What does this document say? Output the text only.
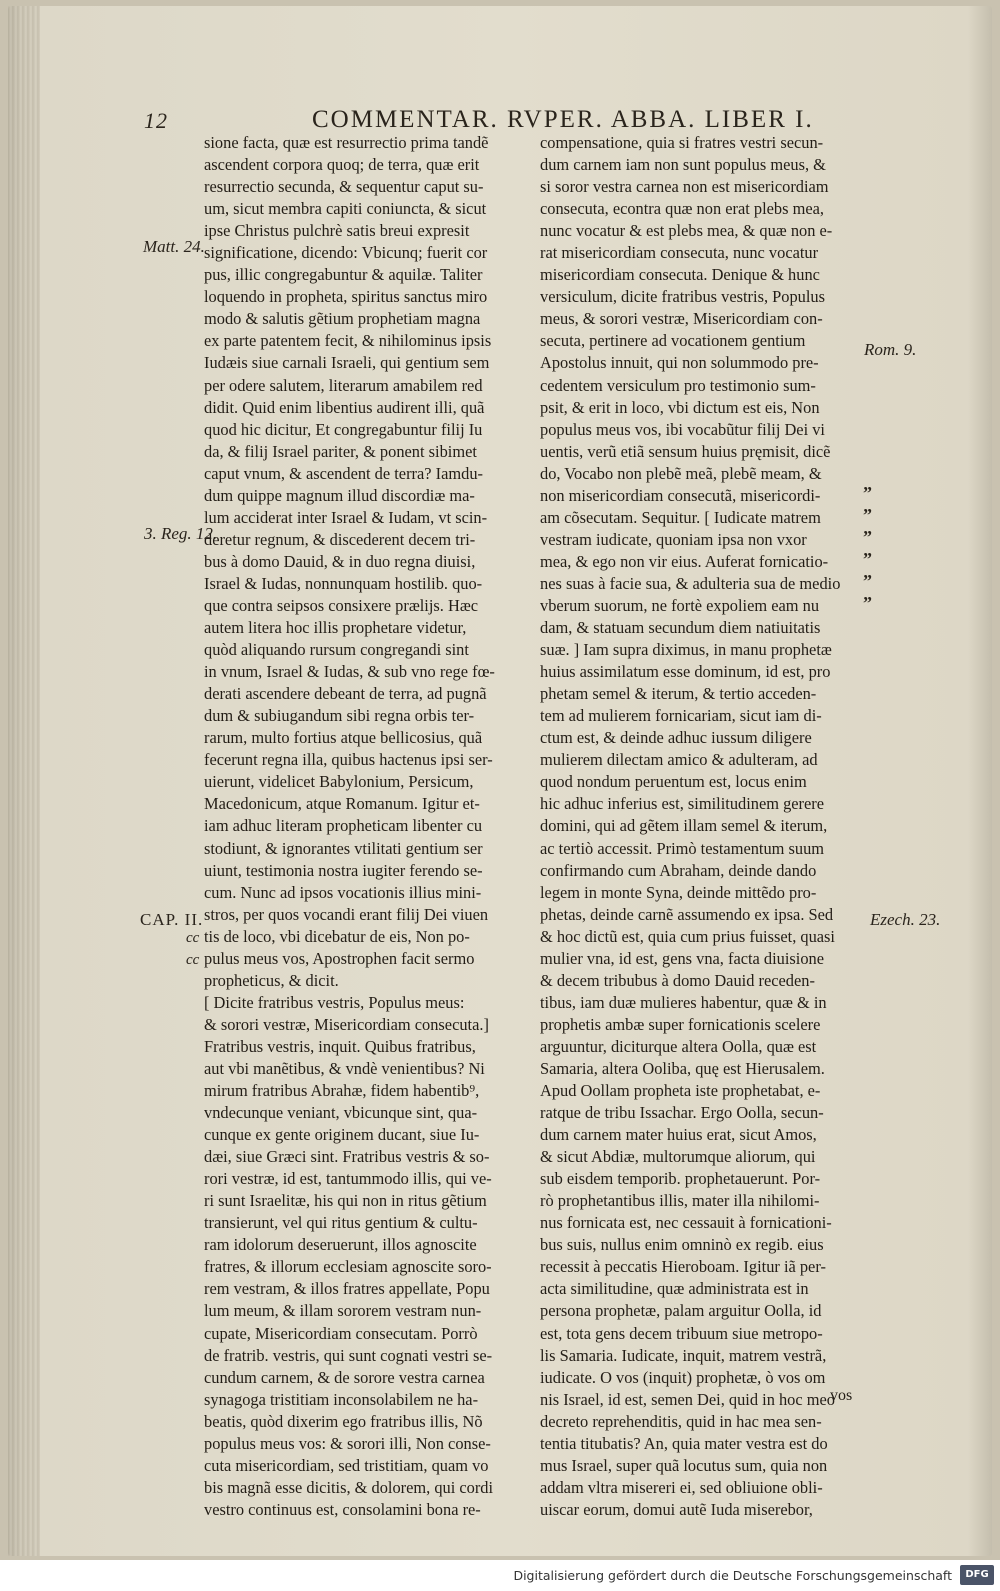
12	COMMENTAR. RVPER. ABBA. LIBER I.
sione facta, quæ est resurrectio prima tandẽ
ascendent corpora quoq; de terra, quæ erit
resurrectio secunda, & sequentur caput su-
um, sicut membra capiti coniuncta, & sicut
ipse Christus pulchrè satis breui expresit
significatione, dicendo: Vbicunq; fuerit cor
pus, illic congregabuntur & aquilæ. Taliter
loquendo in propheta, spiritus sanctus miro
modo & salutis gẽtium prophetiam magna
ex parte patentem fecit, & nihilominus ipsis
Iudæis siue carnali Israeli, qui gentium sem
per odere salutem, literarum amabilem red
didit. Quid enim libentius audirent illi, quã
quod hic dicitur, Et congregabuntur filij Iu
da, & filij Israel pariter, & ponent sibimet
caput vnum, & ascendent de terra? Iamdu-
dum quippe magnum illud discordiæ ma-
lum acciderat inter Israel & Iudam, vt scin-
deretur regnum, & discederent decem tri-
bus à domo Dauid, & in duo regna diuisi,
Israel & Iudas, nonnunquam hostilib. quo-
que contra seipsos consixere prælijs. Hæc
autem litera hoc illis prophetare videtur,
quòd aliquando rursum congregandi sint
in vnum, Israel & Iudas, & sub vno rege fœ-
derati ascendere debeant de terra, ad pugnã
dum & subiugandum sibi regna orbis ter-
rarum, multo fortius atque bellicosius, quã
fecerunt regna illa, quibus hactenus ipsi ser-
uierunt, videlicet Babylonium, Persicum,
Macedonicum, atque Romanum. Igitur et-
iam adhuc literam propheticam libenter cu
stodiunt, & ignorantes vtilitati gentium ser
uiunt, testimonia nostra iugiter ferendo se-
cum. Nunc ad ipsos vocationis illius mini-
stros, per quos vocandi erant filij Dei viuen
tis de loco, vbi dicebatur de eis, Non po-
pulus meus vos, Apostrophen facit sermo
propheticus, & dicit.
[ Dicite fratribus vestris, Populus meus:
& sorori vestræ, Misericordiam consecuta.]
Fratribus vestris, inquit. Quibus fratribus,
aut vbi manẽtibus, & vndè venientibus? Ni
mirum fratribus Abrahæ, fidem habentib⁹,
vndecunque veniant, vbicunque sint, qua-
cunque ex gente originem ducant, siue Iu-
dæi, siue Græci sint. Fratribus vestris & so-
rori vestræ, id est, tantummodo illis, qui ve-
ri sunt Israelitæ, his qui non in ritus gẽtium
transierunt, vel qui ritus gentium & cultu-
ram idolorum deseruerunt, illos agnoscite
fratres, & illorum ecclesiam agnoscite soro-
rem vestram, & illos fratres appellate, Popu
lum meum, & illam sororem vestram nun-
cupate, Misericordiam consecutam. Porrò
de fratrib. vestris, qui sunt cognati vestri se-
cundum carnem, & de sorore vestra carnea
synagoga tristitiam inconsolabilem ne ha-
beatis, quòd dixerim ego fratribus illis, Nõ
populus meus vos: & sorori illi, Non conse-
cuta misericordiam, sed tristitiam, quam vo
bis magnã esse dicitis, & dolorem, qui cordi
vestro continuus est, consolamini bona re-
compensatione, quia si fratres vestri secun-
dum carnem iam non sunt populus meus, &
si soror vestra carnea non est misericordiam
consecuta, econtra quæ non erat plebs mea,
nunc vocatur & est plebs mea, & quæ non e-
rat misericordiam consecuta, nunc vocatur
misericordiam consecuta. Denique & hunc
versiculum, dicite fratribus vestris, Populus
meus, & sorori vestræ, Misericordiam con-
secuta, pertinere ad vocationem gentium
Apostolus innuit, qui non solummodo pre-
cedentem versiculum pro testimonio sum-
psit, & erit in loco, vbi dictum est eis, Non
populus meus vos, ibi vocabũtur filij Dei vi
uentis, verũ etiã sensum huius pręmisit, dicẽ
do, Vocabo non plebẽ meã, plebẽ meam, &
non misericordiam consecutã, misericordi-
am cõsecutam. Sequitur. [ Iudicate matrem
vestram iudicate, quoniam ipsa non vxor
mea, & ego non vir eius. Auferat fornicatio-
nes suas à facie sua, & adulteria sua de medio
vberum suorum, ne fortè expoliem eam nu
dam, & statuam secundum diem natiuitatis
suæ. ] Iam supra diximus, in manu prophetæ
huius assimilatum esse dominum, id est, pro
phetam semel & iterum, & tertio acceden-
tem ad mulierem fornicariam, sicut iam di-
ctum est, & deinde adhuc iussum diligere
mulierem dilectam amico & adulteram, ad
quod nondum peruentum est, locus enim
hic adhuc inferius est, similitudinem gerere
domini, qui ad gẽtem illam semel & iterum,
ac tertiò accessit. Primò testamentum suum
confirmando cum Abraham, deinde dando
legem in monte Syna, deinde mittẽdo pro-
phetas, deinde carnẽ assumendo ex ipsa. Sed
& hoc dictũ est, quia cum prius fuisset, quasi
mulier vna, id est, gens vna, facta diuisione
& decem tribubus à domo Dauid receden-
tibus, iam duæ mulieres habentur, quæ & in
prophetis ambæ super fornicationis scelere
arguuntur, diciturque altera Oolla, quæ est
Samaria, altera Ooliba, quę est Hierusalem.
Apud Oollam propheta iste prophetabat, e-
ratque de tribu Issachar. Ergo Oolla, secun-
dum carnem mater huius erat, sicut Amos,
& sicut Abdiæ, multorumque aliorum, qui
sub eisdem temporib. prophetauerunt. Por-
rò prophetantibus illis, mater illa nihilomi-
nus fornicata est, nec cessauit à fornicationi-
bus suis, nullus enim omninò ex regib. eius
recessit à peccatis Hieroboam. Igitur iã per-
acta similitudine, quæ administrata est in
persona prophetæ, palam arguitur Oolla, id
est, tota gens decem tribuum siue metropo-
lis Samaria. Iudicate, inquit, matrem vestrã,
iudicate. O vos (inquit) prophetæ, ò vos om
nis Israel, id est, semen Dei, quid in hoc meo
decreto reprehenditis, quid in hac mea sen-
tentia titubatis? An, quia mater vestra est do
mus Israel, super quã locutus sum, quia non
addam vltra misereri ei, sed obliuione obli-
uiscar eorum, domui autẽ Iuda miserebor,
Matt. 24.
3. Reg. 12.
CAP. II.
Rom. 9.
Ezech. 23.
cc
cc
”
”
”
”
”
”
vos
Digitalisierung gefördert durch die Deutsche Forschungsgemeinschaft	DFG
